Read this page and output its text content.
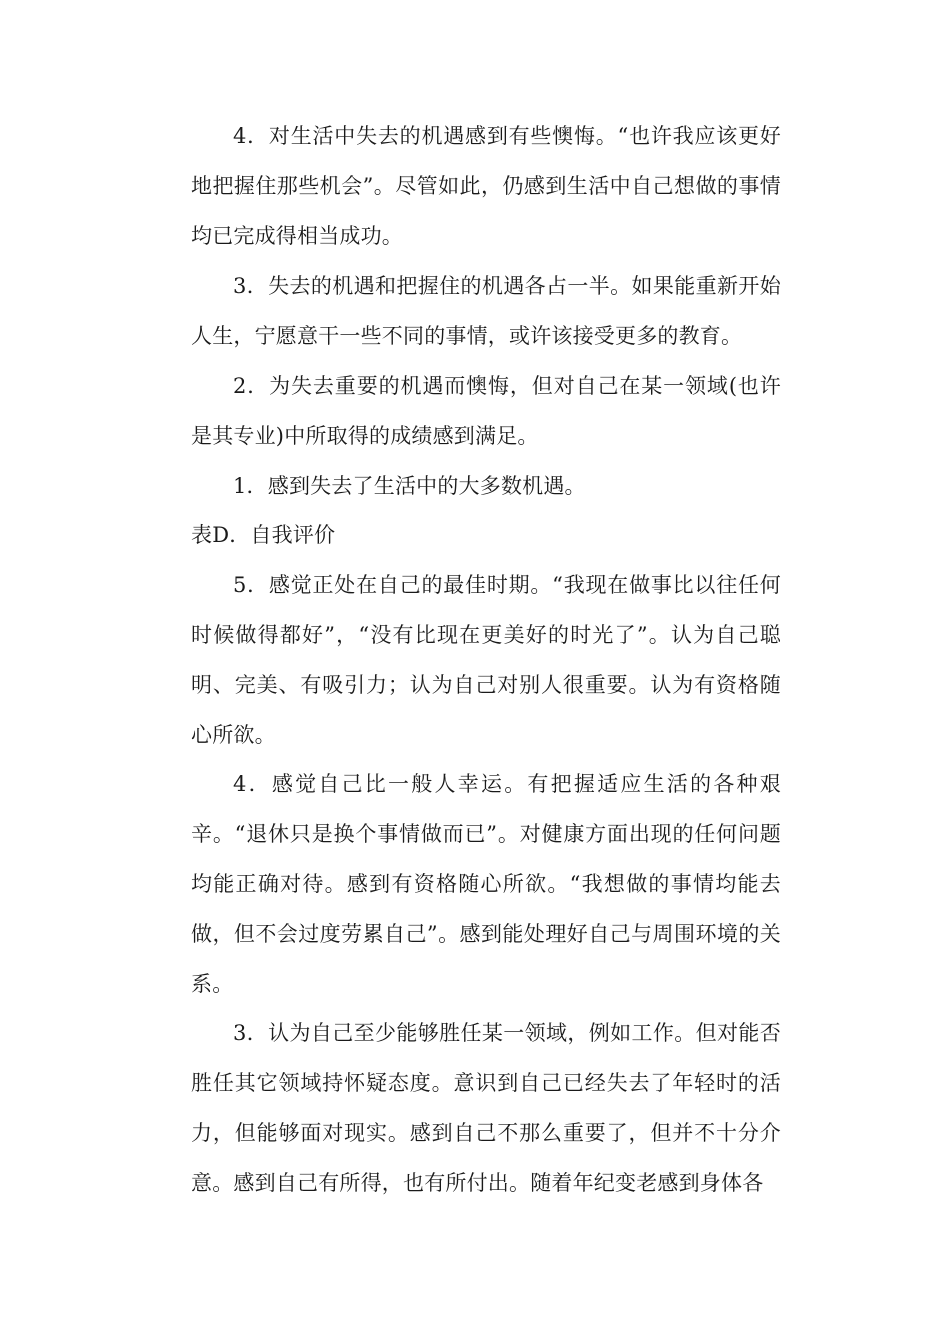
4．对生活中失去的机遇感到有些懊悔。“也许我应该更好地把握住那些机会”。尽管如此，仍感到生活中自己想做的事情均已完成得相当成功。
3．失去的机遇和把握住的机遇各占一半。如果能重新开始人生，宁愿意干一些不同的事情，或许该接受更多的教育。
2．为失去重要的机遇而懊悔，但对自己在某一领域(也许是其专业)中所取得的成绩感到满足。
1．感到失去了生活中的大多数机遇。
表D．自我评价
5．感觉正处在自己的最佳时期。“我现在做事比以往任何时候做得都好”，“没有比现在更美好的时光了”。认为自己聪明、完美、有吸引力；认为自己对别人很重要。认为有资格随心所欲。
4．感觉自己比一般人幸运。有把握适应生活的各种艰辛。“退休只是换个事情做而已”。对健康方面出现的任何问题均能正确对待。感到有资格随心所欲。“我想做的事情均能去做，但不会过度劳累自己”。感到能处理好自己与周围环境的关系。
3．认为自己至少能够胜任某一领域，例如工作。但对能否胜任其它领域持怀疑态度。意识到自己已经失去了年轻时的活力，但能够面对现实。感到自己不那么重要了，但并不十分介意。感到自己有所得，也有所付出。随着年纪变老感到身体各
